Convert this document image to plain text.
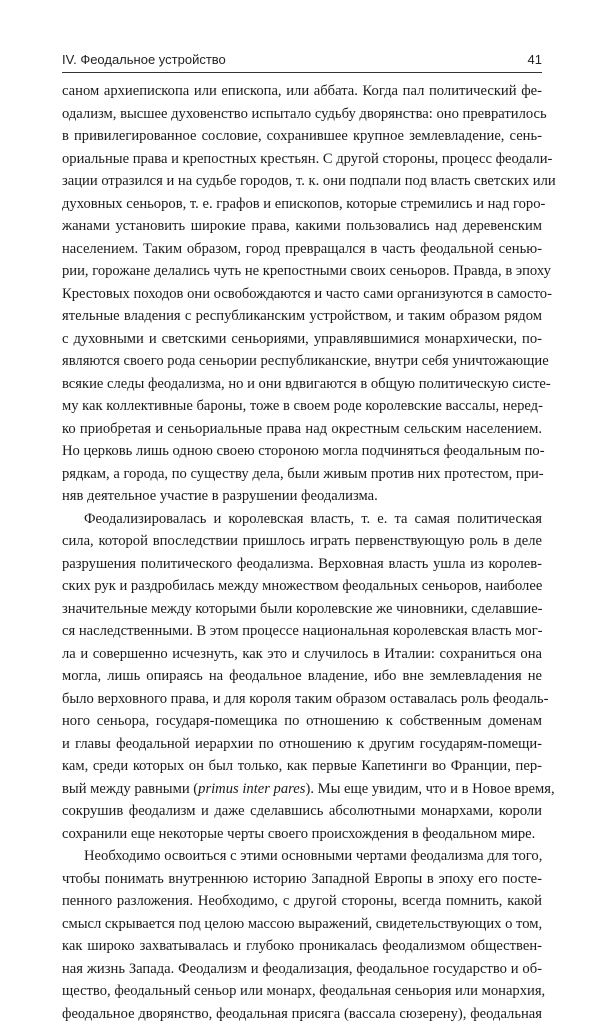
IV. Феодальное устройство	41
саном архиепископа или епископа, или аббата. Когда пал политический фе-
одализм, высшее духовенство испытало судьбу дворянства: оно превратилось
в привилегированное сословие, сохранившее крупное землевладение, сень-
ориальные права и крепостных крестьян. С другой стороны, процесс феодали-
зации отразился и на судьбе городов, т. к. они подпали под власть светских или
духовных сеньоров, т. е. графов и епископов, которые стремились и над горо-
жанами установить широкие права, какими пользовались над деревенским
населением. Таким образом, город превращался в часть феодальной сенью-
рии, горожане делались чуть не крепостными своих сеньоров. Правда, в эпоху
Крестовых походов они освобождаются и часто сами организуются в самосто-
ятельные владения с республиканским устройством, и таким образом рядом
с духовными и светскими сеньориями, управлявшимися монархически, по-
являются своего рода сеньории республиканские, внутри себя уничтожающие
всякие следы феодализма, но и они вдвигаются в общую политическую систе-
му как коллективные бароны, тоже в своем роде королевские вассалы, неред-
ко приобретая и сеньориальные права над окрестным сельским населением.
Но церковь лишь одною своею стороною могла подчиняться феодальным по-
рядкам, а города, по существу дела, были живым против них протестом, при-
няв деятельное участие в разрушении феодализма.
Феодализировалась и королевская власть, т. е. та самая политическая
сила, которой впоследствии пришлось играть первенствующую роль в деле
разрушения политического феодализма. Верховная власть ушла из королев-
ских рук и раздробилась между множеством феодальных сеньоров, наиболее
значительные между которыми были королевские же чиновники, сделавшие-
ся наследственными. В этом процессе национальная королевская власть мог-
ла и совершенно исчезнуть, как это и случилось в Италии: сохраниться она
могла, лишь опираясь на феодальное владение, ибо вне землевладения не
было верховного права, и для короля таким образом оставалась роль феодаль-
ного сеньора, государя-помещика по отношению к собственным доменам
и главы феодальной иерархии по отношению к другим государям-помещи-
кам, среди которых он был только, как первые Капетинги во Франции, пер-
вый между равными (primus inter pares). Мы еще увидим, что и в Новое время,
сокрушив феодализм и даже сделавшись абсолютными монархами, короли
сохранили еще некоторые черты своего происхождения в феодальном мире.
Необходимо освоиться с этими основными чертами феодализма для того,
чтобы понимать внутреннюю историю Западной Европы в эпоху его посте-
пенного разложения. Необходимо, с другой стороны, всегда помнить, какой
смысл скрывается под целою массою выражений, свидетельствующих о том,
как широко захватывалась и глубоко проникалась феодализмом обществен-
ная жизнь Запада. Феодализм и феодализация, феодальное государство и об-
щество, феодальный сеньор или монарх, феодальная сеньория или монархия,
феодальное дворянство, феодальная присяга (вассала сюзерену), феодальная
